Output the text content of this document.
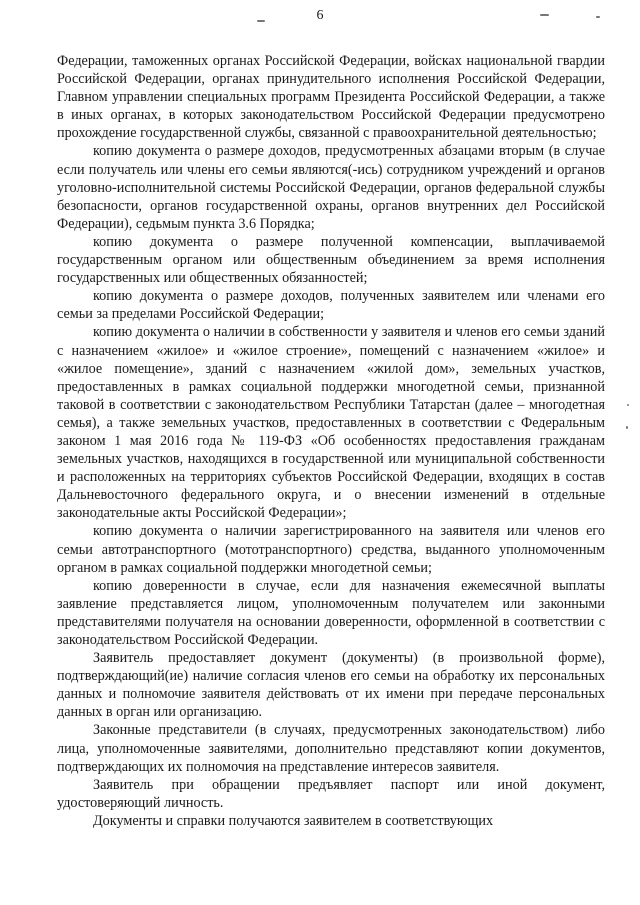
6

Федерации, таможенных органах Российской Федерации, войсках национальной гвардии Российской Федерации, органах принудительного исполнения Российской Федерации, Главном управлении специальных программ Президента Российской Федерации, а также в иных органах, в которых законодательством Российской Федерации предусмотрено прохождение государственной службы, связанной с правоохранительной деятельностью;

копию документа о размере доходов, предусмотренных абзацами вторым (в случае если получатель или члены его семьи являются(-ись) сотрудником учреждений и органов уголовно-исполнительной системы Российской Федерации, органов федеральной службы безопасности, органов государственной охраны, органов внутренних дел Российской Федерации), седьмым пункта 3.6 Порядка;

копию документа о размере полученной компенсации, выплачиваемой государственным органом или общественным объединением за время исполнения государственных или общественных обязанностей;

копию документа о размере доходов, полученных заявителем или членами его семьи за пределами Российской Федерации;

копию документа о наличии в собственности у заявителя и членов его семьи зданий с назначением «жилое» и «жилое строение», помещений с назначением «жилое» и «жилое помещение», зданий с назначением «жилой дом», земельных участков, предоставленных в рамках социальной поддержки многодетной семьи, признанной таковой в соответствии с законодательством Республики Татарстан (далее – многодетная семья), а также земельных участков, предоставленных в соответствии с Федеральным законом 1 мая 2016 года № 119-ФЗ «Об особенностях предоставления гражданам земельных участков, находящихся в государственной или муниципальной собственности и расположенных на территориях субъектов Российской Федерации, входящих в состав Дальневосточного федерального округа, и о внесении изменений в отдельные законодательные акты Российской Федерации»;

копию документа о наличии зарегистрированного на заявителя или членов его семьи автотранспортного (мототранспортного) средства, выданного уполномоченным органом в рамках социальной поддержки многодетной семьи;

копию доверенности в случае, если для назначения ежемесячной выплаты заявление представляется лицом, уполномоченным получателем или законными представителями получателя на основании доверенности, оформленной в соответствии с законодательством Российской Федерации.

Заявитель предоставляет документ (документы) (в произвольной форме), подтверждающий(ие) наличие согласия членов его семьи на обработку их персональных данных и полномочие заявителя действовать от их имени при передаче персональных данных в орган или организацию.

Законные представители (в случаях, предусмотренных законодательством) либо лица, уполномоченные заявителями, дополнительно представляют копии документов, подтверждающих их полномочия на представление интересов заявителя.

Заявитель при обращении предъявляет паспорт или иной документ, удостоверяющий личность.

Документы и справки получаются заявителем в соответствующих
